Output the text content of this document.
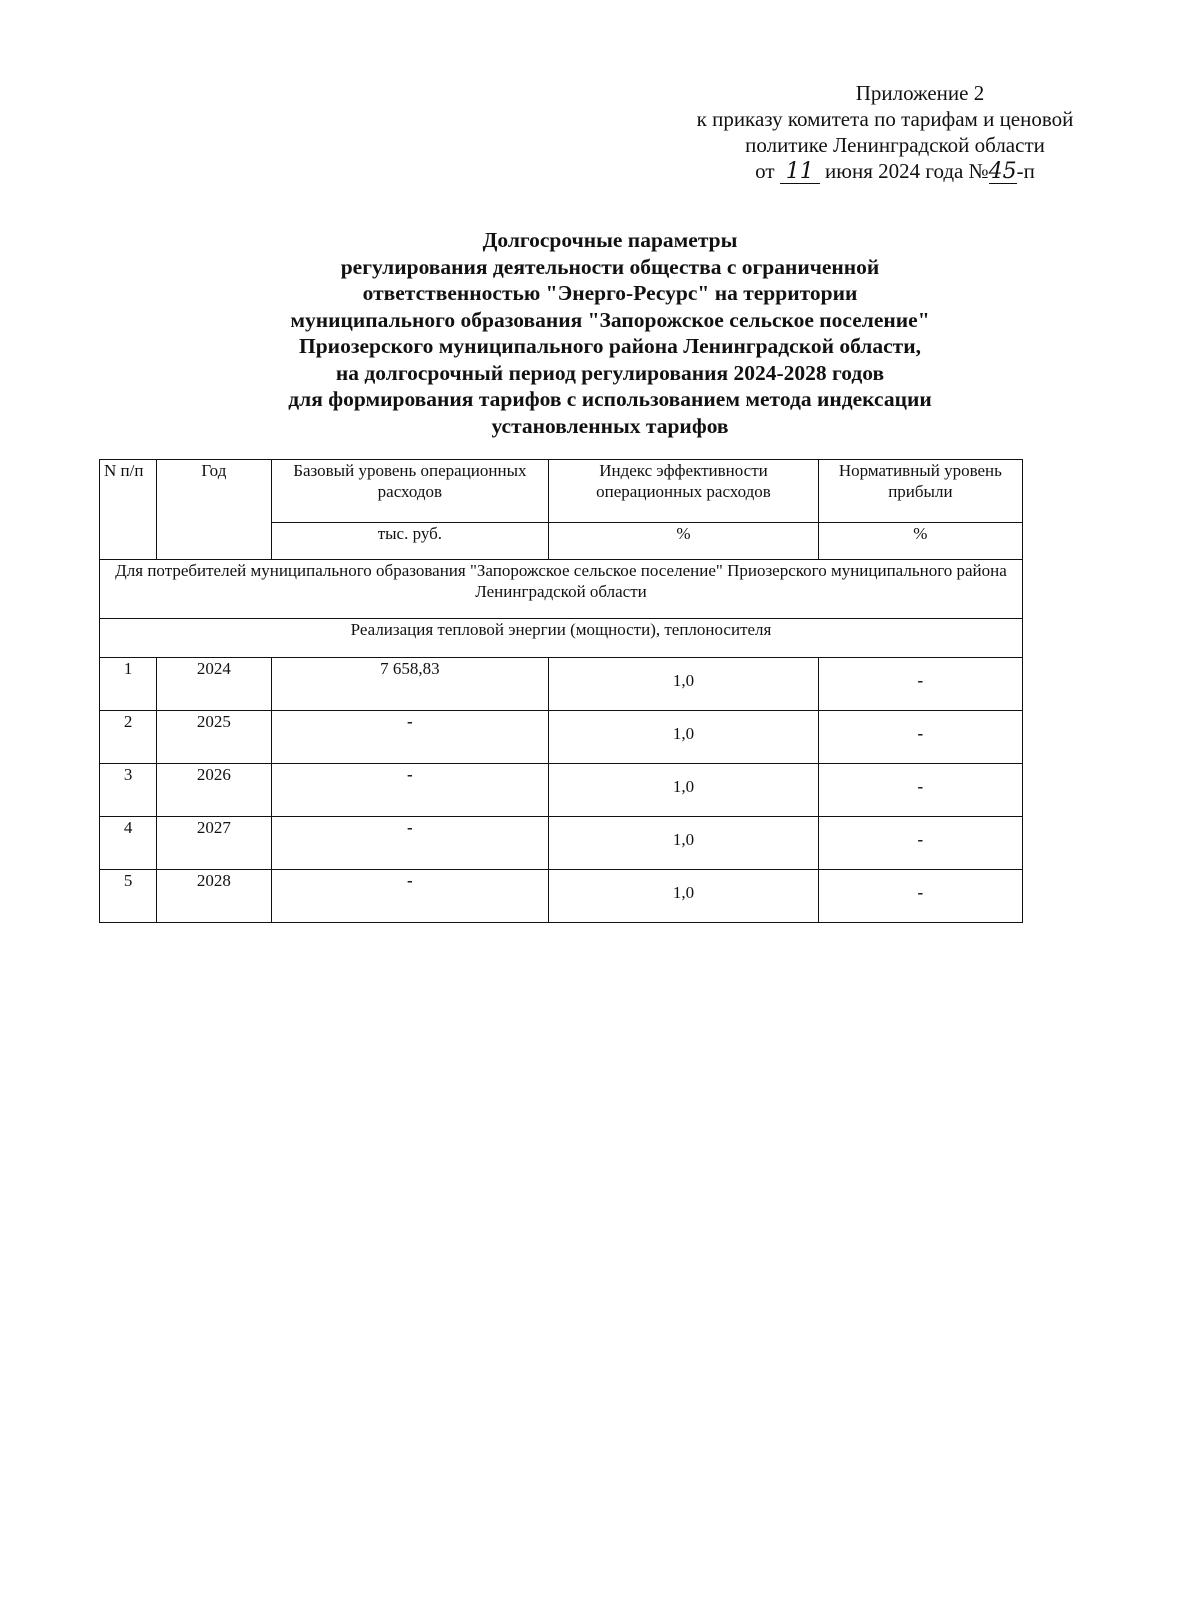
Приложение 2
к приказу комитета по тарифам и ценовой
политике Ленинградской области
от 11 июня 2024 года №45-п
Долгосрочные параметры
регулирования деятельности общества с ограниченной
ответственностью "Энерго-Ресурс" на территории
муниципального образования "Запорожское сельское поселение"
Приозерского муниципального района Ленинградской области,
на долгосрочный период регулирования 2024-2028 годов
для формирования тарифов с использованием метода индексации
установленных тарифов
N п/п	Год	Базовый уровень операционных расходов	Индекс эффективности операционных расходов	Нормативный уровень прибыли
		тыс. руб.	%	%
Для потребителей муниципального образования "Запорожское сельское поселение" Приозерского муниципального района Ленинградской области				
Реализация тепловой энергии (мощности), теплоносителя				
1	2024	7 658,83	1,0	-
2	2025	-	1,0	-
3	2026	-	1,0	-
4	2027	-	1,0	-
5	2028	-	1,0	-
